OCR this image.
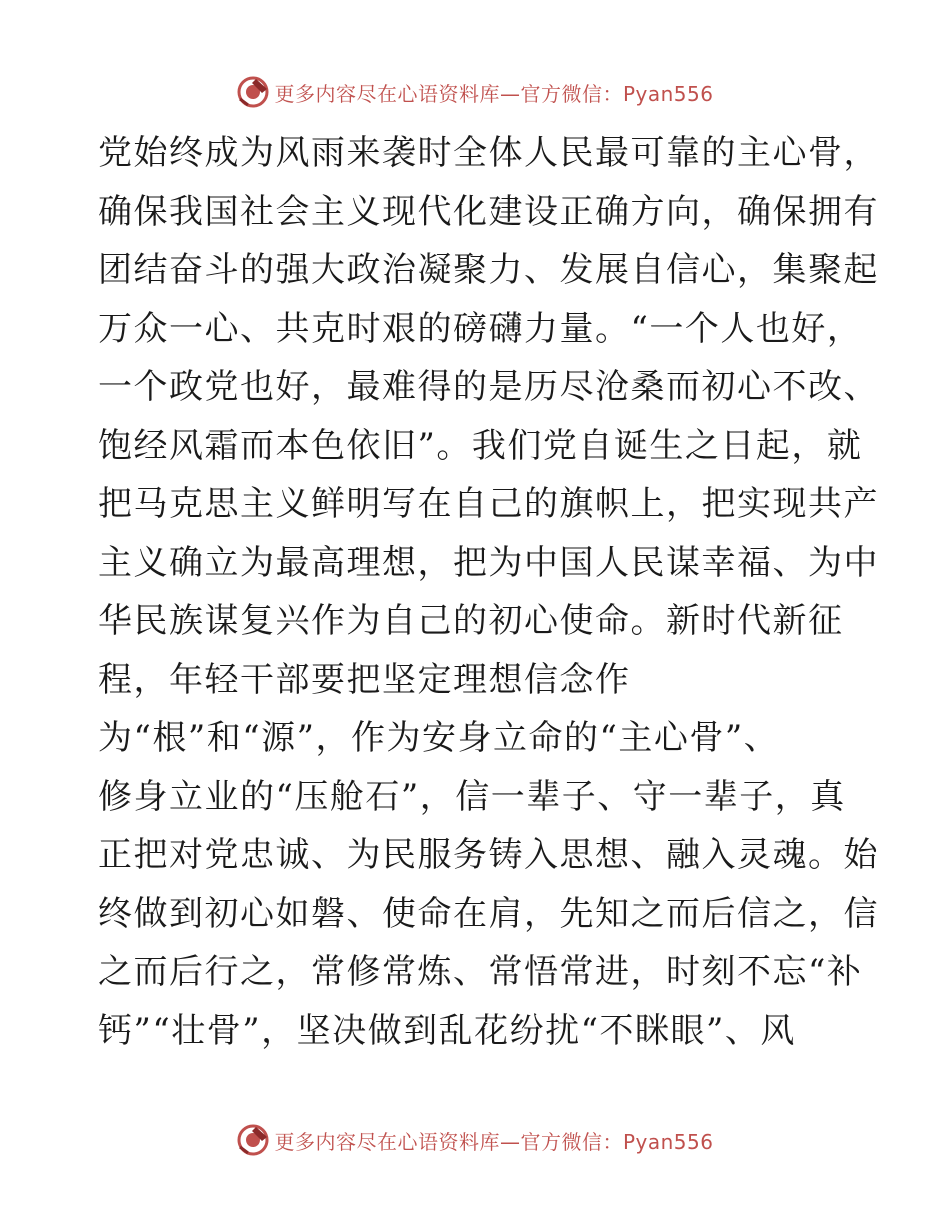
更多内容尽在心语资料库—官方微信：Pyan556
党始终成为风雨来袭时全体人民最可靠的主心骨，
确保我国社会主义现代化建设正确方向，确保拥有
团结奋斗的强大政治凝聚力、发展自信心，集聚起
万众一心、共克时艰的磅礴力量。“一个人也好，
一个政党也好，最难得的是历尽沧桑而初心不改、
饱经风霜而本色依旧”。我们党自诞生之日起，就
把马克思主义鲜明写在自己的旗帜上，把实现共产
主义确立为最高理想，把为中国人民谋幸福、为中
华民族谋复兴作为自己的初心使命。新时代新征
程，年轻干部要把坚定理想信念作
为“根”和“源”，作为安身立命的“主心骨”、
修身立业的“压舱石”，信一辈子、守一辈子，真
正把对党忠诚、为民服务铸入思想、融入灵魂。始
终做到初心如磐、使命在肩，先知之而后信之，信
之而后行之，常修常炼、常悟常进，时刻不忘“补
钙”“壮骨”，坚决做到乱花纷扰“不眯眼”、风
更多内容尽在心语资料库—官方微信：Pyan556
